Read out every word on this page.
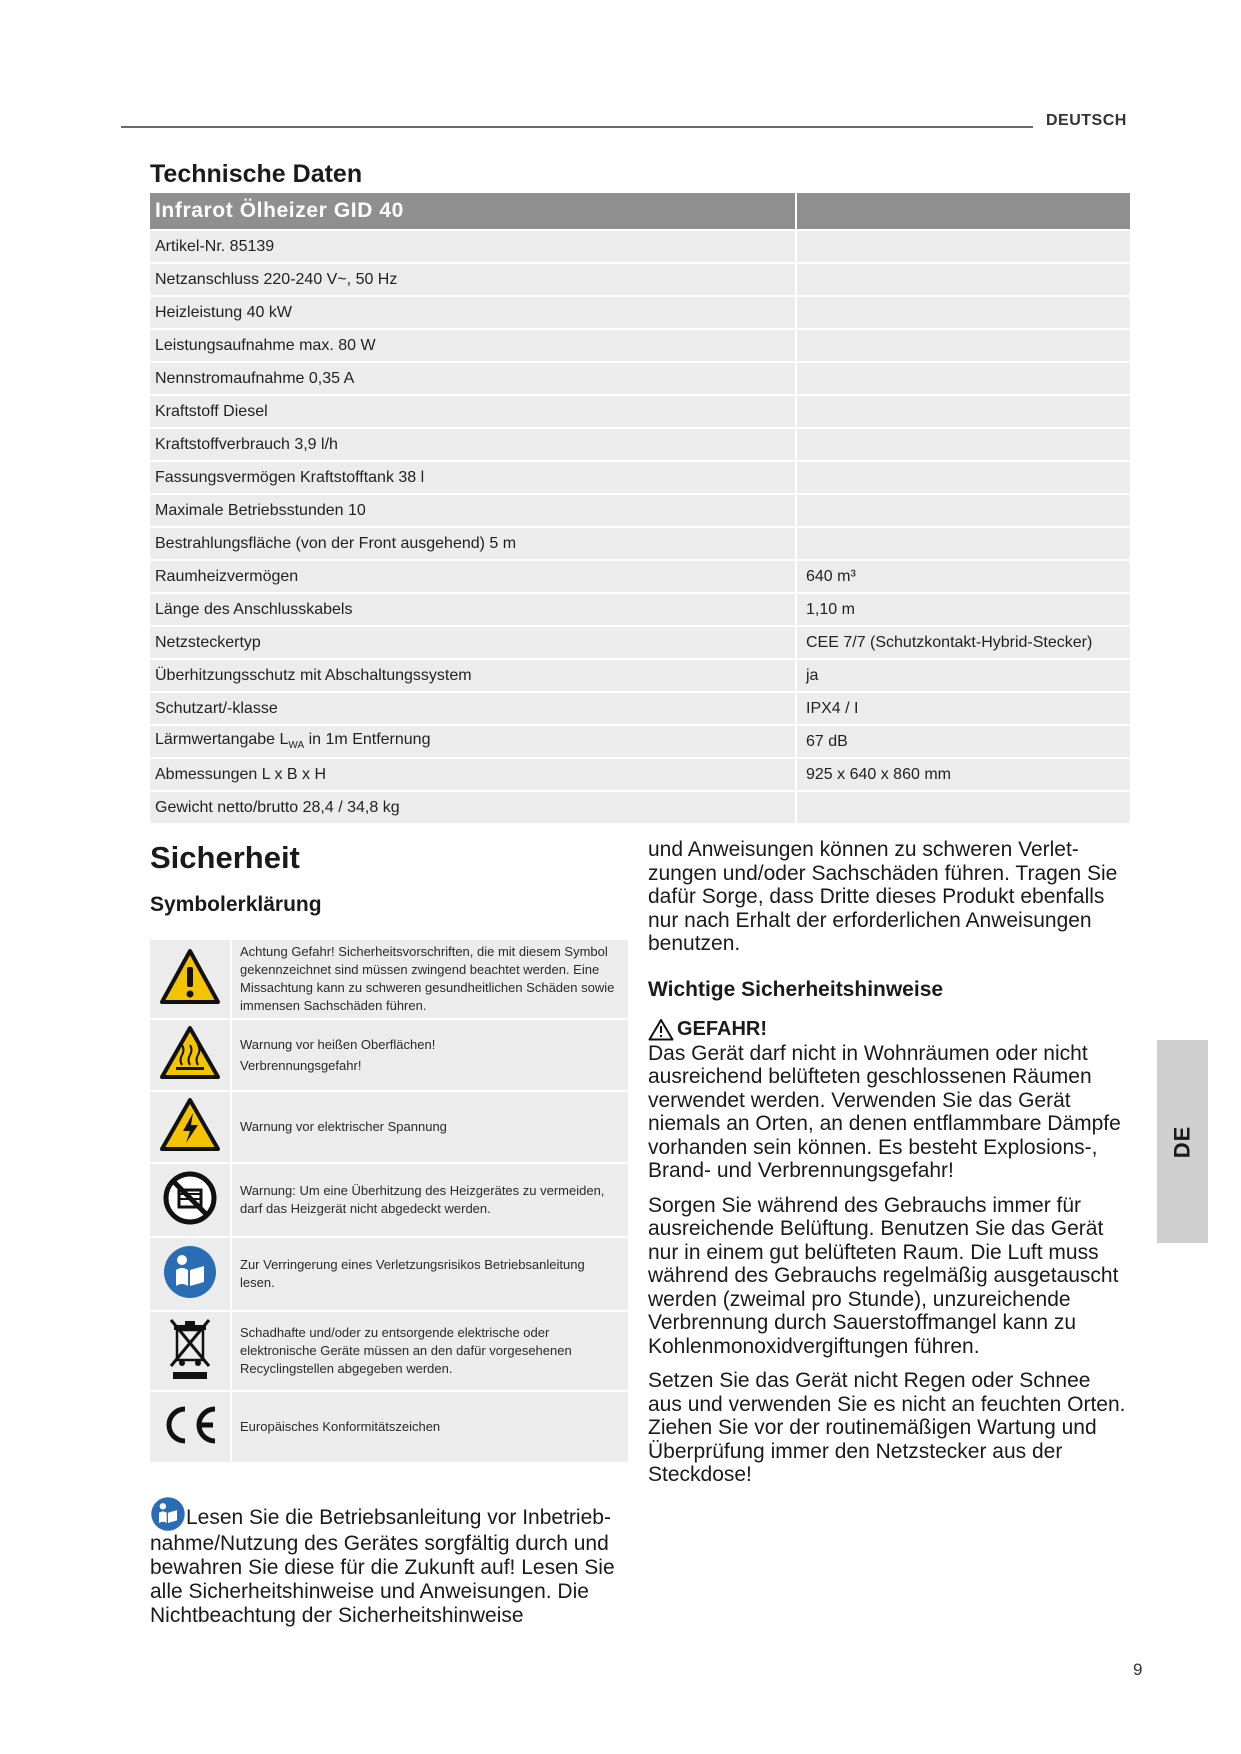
DEUTSCH
Technische Daten
Infrarot Ölheizer GID 40	
Artikel-Nr. 85139	
Netzanschluss 220-240 V~, 50 Hz	
Heizleistung 40 kW	
Leistungsaufnahme max. 80 W	
Nennstromaufnahme 0,35 A	
Kraftstoff Diesel	
Kraftstoffverbrauch 3,9 l/h	
Fassungsvermögen Kraftstofftank 38 l	
Maximale Betriebsstunden 10	
Bestrahlungsfläche (von der Front ausgehend) 5 m	
Raumheizvermögen	640 m³
Länge des Anschlusskabels	1,10 m
Netzsteckertyp	CEE 7/7 (Schutzkontakt-Hybrid-Stecker)
Überhitzungsschutz mit Abschaltungssystem	ja
Schutzart/-klasse	IPX4 / I
Lärmwertangabe $L_{WA}$ in 1m Entfernung	67 dB
Abmessungen L x B x H	925 x 640 x 860 mm
Gewicht netto/brutto 28,4 / 34,8 kg	
Sicherheit
Symbolerklärung

Achtung Gefahr! Sicherheitsvorschriften, die mit diesem Symbol gekennzeichnet sind müssen zwingend beachtet werden. Eine Missachtung kann zu schweren gesundheitlichen Schäden sowie immensen Sachschäden führen.

Warnung vor heißen Oberflächen!

Verbrennungsgefahr!

Warnung vor elektrischer Spannung

Warnung: Um eine Überhitzung des Heizgerätes zu vermeiden, darf das Heizgerät nicht abgedeckt werden.

Zur Verringerung eines Verletzungsrisikos Betriebsanleitung lesen.

Schadhafte und/oder zu entsorgende elektrische oder elektronische Geräte müssen an den dafür vorgesehenen Recyclingstellen abgegeben werden.

Europäisches Konformitätszeichen

Lesen Sie die Betriebsanleitung vor Inbetriebnahme/Nutzung des Gerätes sorgfältig durch und bewahren Sie diese für die Zukunft auf! Lesen Sie alle Sicherheitshinweise und Anweisungen. Die Nichtbeachtung der Sicherheitshinweise

und Anweisungen können zu schweren Verletzungen und/oder Sachschäden führen. Tragen Sie dafür Sorge, dass Dritte dieses Produkt ebenfalls nur nach Erhalt der erforderlichen Anweisungen benutzen.

Wichtige Sicherheitshinweise
GEFAHR!

Das Gerät darf nicht in Wohnräumen oder nicht ausreichend belüfteten geschlossenen Räumen verwendet werden. Verwenden Sie das Gerät niemals an Orten, an denen entflammbare Dämpfe vorhanden sein können. Es besteht Explosions-, Brand- und Verbrennungsgefahr!

Sorgen Sie während des Gebrauchs immer für ausreichende Belüftung. Benutzen Sie das Gerät nur in einem gut belüfteten Raum. Die Luft muss während des Gebrauchs regelmäßig ausgetauscht werden (zweimal pro Stunde), unzureichende Verbrennung durch Sauerstoffmangel kann zu Kohlenmonoxidvergiftungen führen.

Setzen Sie das Gerät nicht Regen oder Schnee aus und verwenden Sie es nicht an feuchten Orten. Ziehen Sie vor der routinemäßigen Wartung und Überprüfung immer den Netzstecker aus der Steckdose!

DE
9
